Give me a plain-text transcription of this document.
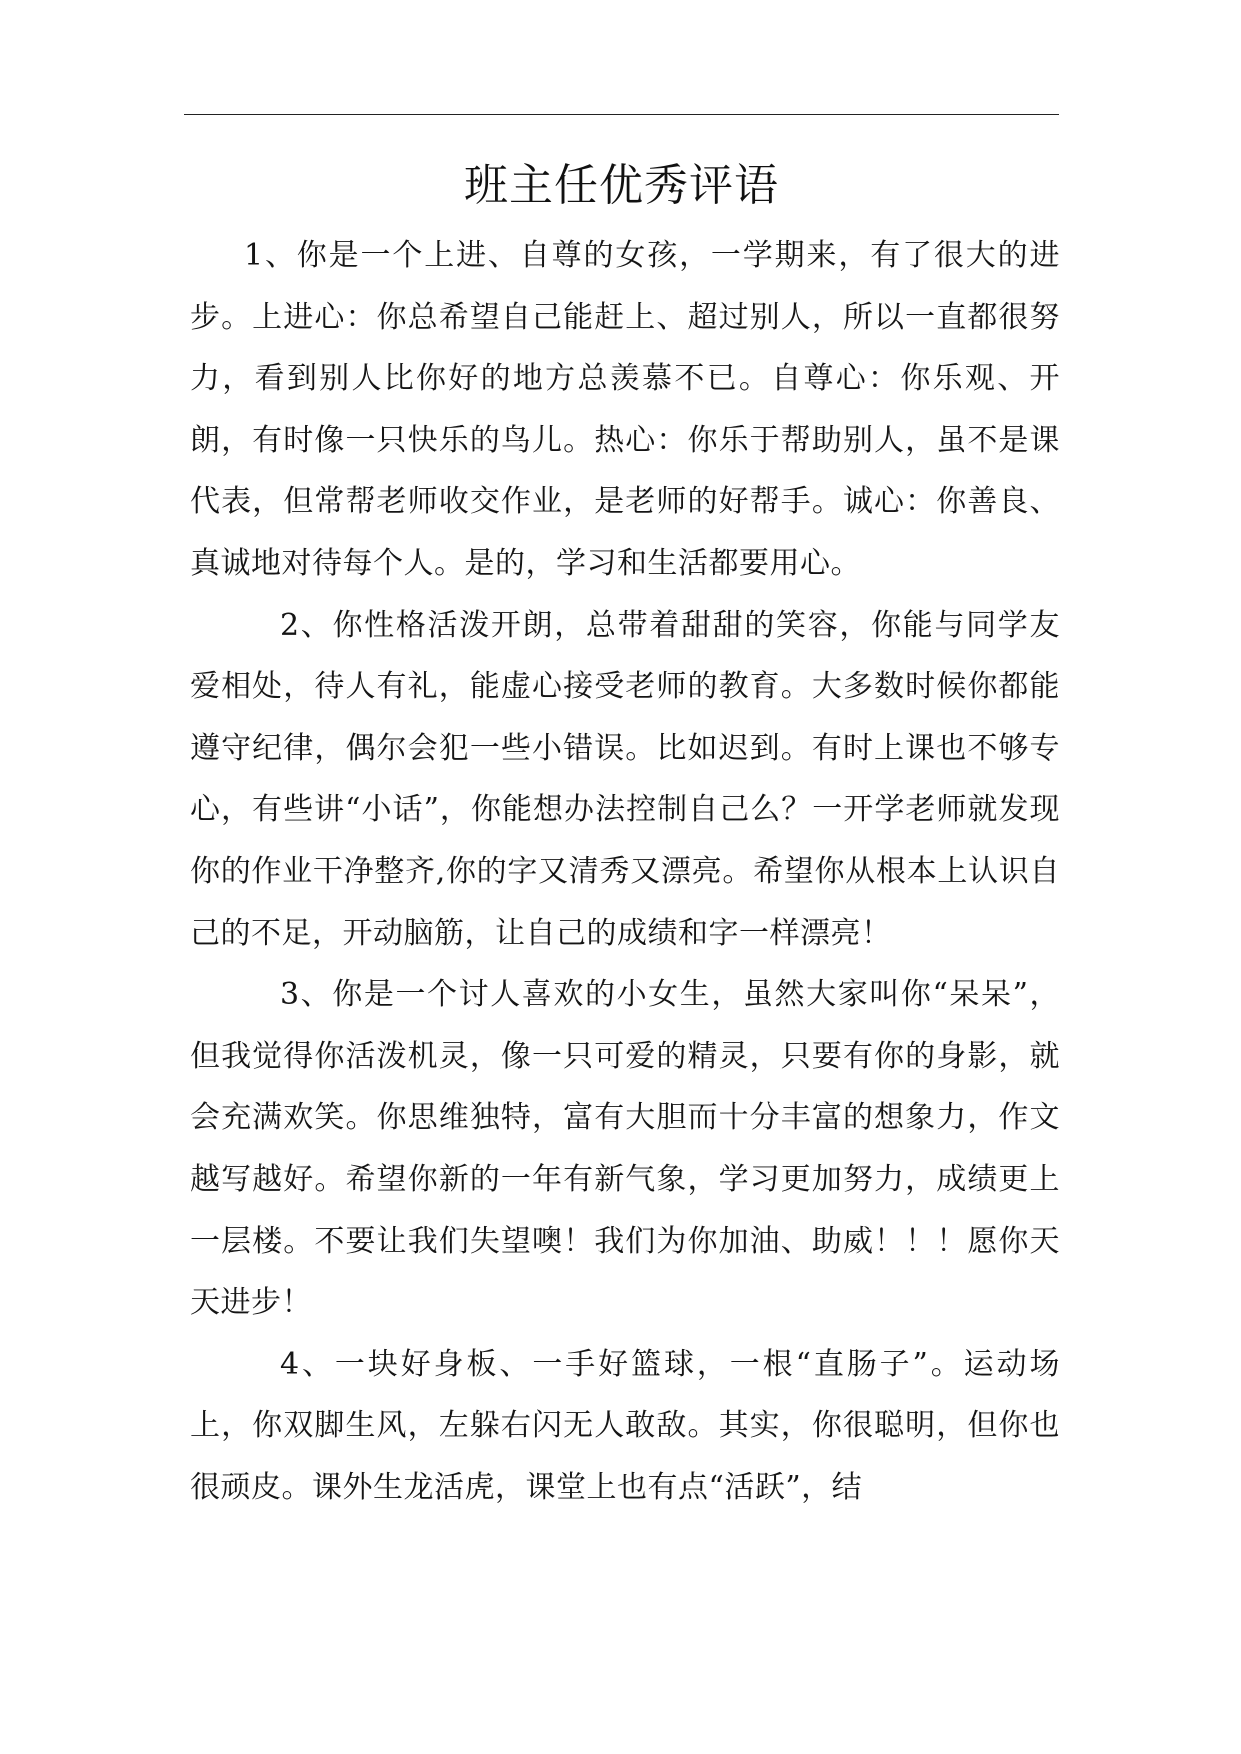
班主任优秀评语

1、你是一个上进、自尊的女孩，一学期来，有了很大的进步。上进心：你总希望自己能赶上、超过别人，所以一直都很努力，看到别人比你好的地方总羡慕不已。自尊心：你乐观、开朗，有时像一只快乐的鸟儿。热心：你乐于帮助别人，虽不是课代表，但常帮老师收交作业，是老师的好帮手。诚心：你善良、真诚地对待每个人。是的，学习和生活都要用心。

2、你性格活泼开朗，总带着甜甜的笑容，你能与同学友爱相处，待人有礼，能虚心接受老师的教育。大多数时候你都能遵守纪律，偶尔会犯一些小错误。比如迟到。有时上课也不够专心，有些讲“小话”，你能想办法控制自己么？一开学老师就发现你的作业干净整齐,你的字又清秀又漂亮。希望你从根本上认识自己的不足，开动脑筋，让自己的成绩和字一样漂亮！

3、你是一个讨人喜欢的小女生，虽然大家叫你“呆呆”，但我觉得你活泼机灵，像一只可爱的精灵，只要有你的身影，就会充满欢笑。你思维独特，富有大胆而十分丰富的想象力，作文越写越好。希望你新的一年有新气象，学习更加努力，成绩更上一层楼。不要让我们失望噢！我们为你加油、助威！！！愿你天天进步！

4、一块好身板、一手好篮球，一根“直肠子”。运动场上，你双脚生风，左躲右闪无人敢敌。其实，你很聪明，但你也很顽皮。课外生龙活虎，课堂上也有点“活跃”，结
